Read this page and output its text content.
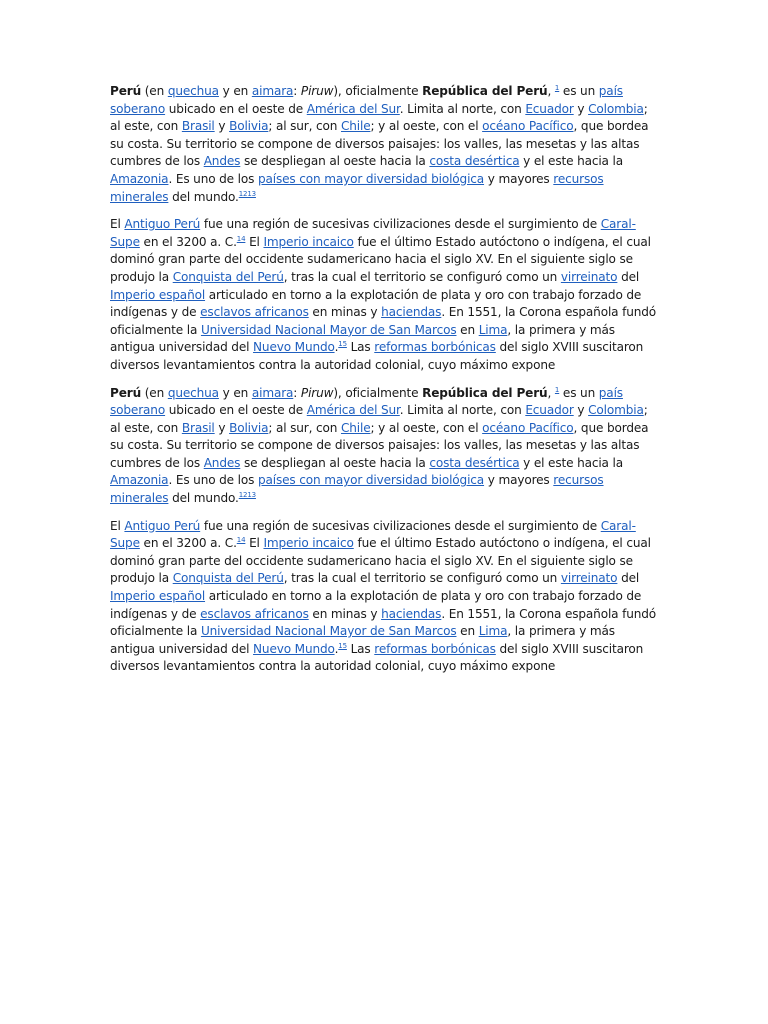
Perú (en quechua y en aimara: Piruw), oficialmente República del Perú, $^1$ es un país soberano ubicado en el oeste de América del Sur. Limita al norte, con Ecuador y Colombia; al este, con Brasil y Bolivia; al sur, con Chile; y al oeste, con el océano Pacífico, que bordea su costa. Su territorio se compone de diversos paisajes: los valles, las mesetas y las altas cumbres de los Andes se despliegan al oeste hacia la costa desértica y el este hacia la Amazonia. Es uno de los países con mayor diversidad biológica y mayores recursos minerales del mundo.$^{1213}$

El Antiguo Perú fue una región de sucesivas civilizaciones desde el surgimiento de Caral-Supe en el 3200 a. C.$^{14}$ El Imperio incaico fue el último Estado autóctono o indígena, el cual dominó gran parte del occidente sudamericano hacia el siglo XV. En el siguiente siglo se produjo la Conquista del Perú, tras la cual el territorio se configuró como un virreinato del Imperio español articulado en torno a la explotación de plata y oro con trabajo forzado de indígenas y de esclavos africanos en minas y haciendas. En 1551, la Corona española fundó oficialmente la Universidad Nacional Mayor de San Marcos en Lima, la primera y más antigua universidad del Nuevo Mundo.$^{15}$ Las reformas borbónicas del siglo XVIII suscitaron diversos levantamientos contra la autoridad colonial, cuyo máximo expone

Perú (en quechua y en aimara: Piruw), oficialmente República del Perú, $^1$ es un país soberano ubicado en el oeste de América del Sur. Limita al norte, con Ecuador y Colombia; al este, con Brasil y Bolivia; al sur, con Chile; y al oeste, con el océano Pacífico, que bordea su costa. Su territorio se compone de diversos paisajes: los valles, las mesetas y las altas cumbres de los Andes se despliegan al oeste hacia la costa desértica y el este hacia la Amazonia. Es uno de los países con mayor diversidad biológica y mayores recursos minerales del mundo.$^{1213}$

El Antiguo Perú fue una región de sucesivas civilizaciones desde el surgimiento de Caral-Supe en el 3200 a. C.$^{14}$ El Imperio incaico fue el último Estado autóctono o indígena, el cual dominó gran parte del occidente sudamericano hacia el siglo XV. En el siguiente siglo se produjo la Conquista del Perú, tras la cual el territorio se configuró como un virreinato del Imperio español articulado en torno a la explotación de plata y oro con trabajo forzado de indígenas y de esclavos africanos en minas y haciendas. En 1551, la Corona española fundó oficialmente la Universidad Nacional Mayor de San Marcos en Lima, la primera y más antigua universidad del Nuevo Mundo.$^{15}$ Las reformas borbónicas del siglo XVIII suscitaron diversos levantamientos contra la autoridad colonial, cuyo máximo expone
